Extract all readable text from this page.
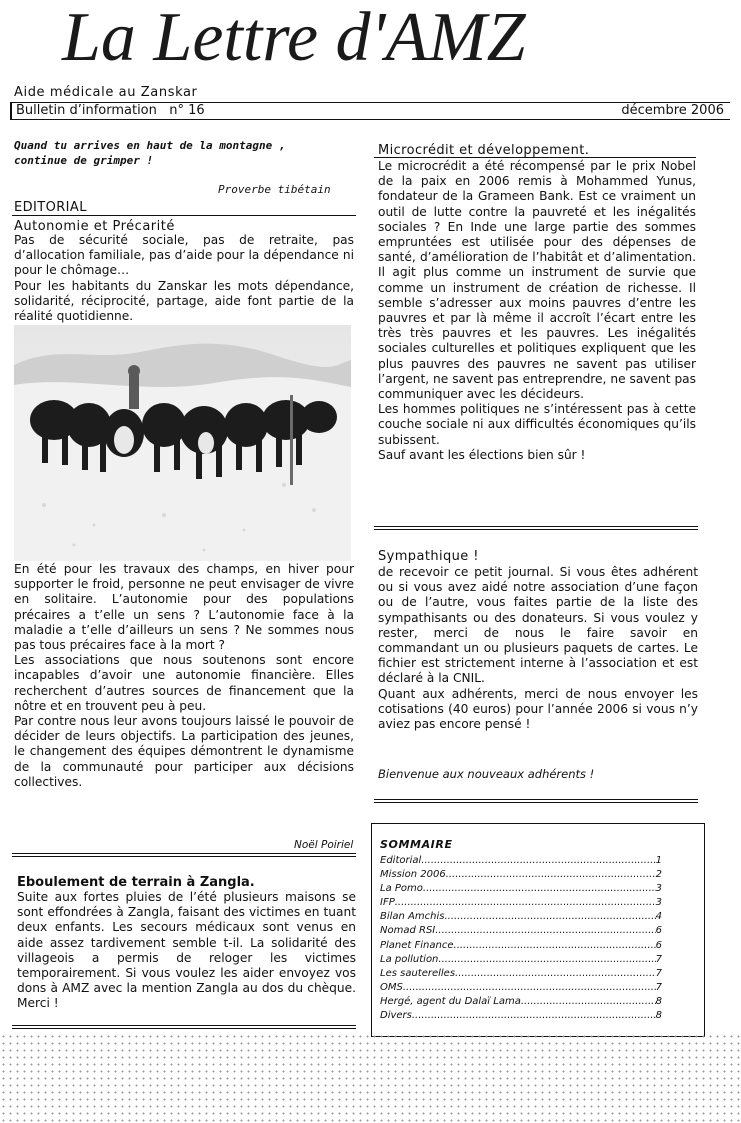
La Lettre d'AMZ
Aide médicale au Zanskar
Bulletin d’information   n° 16	décembre 2006
Quand tu arrives en haut de la montagne , continue de grimper !
Proverbe tibétain
EDITORIAL
Autonomie et Précarité

Pas de sécurité sociale, pas de retraite, pas d’allocation familiale, pas d’aide pour la dépendance ni pour le chômage…

Pour les habitants du Zanskar les mots dépendance, solidarité, réciprocité, partage, aide font partie de la réalité quotidienne.

En été pour les travaux des champs, en hiver pour supporter le froid, personne ne peut envisager de vivre en solitaire. L’autonomie pour des populations précaires a t’elle un sens ? L’autonomie face à la maladie a t’elle d’ailleurs un sens ? Ne sommes nous pas tous précaires face à la mort ?

Les associations que nous soutenons sont encore incapables d’avoir une autonomie financière. Elles recherchent d’autres sources de financement que la nôtre et en trouvent peu à peu.

Par contre nous leur avons toujours laissé le pouvoir de décider de leurs objectifs. La participation des jeunes, le changement des équipes démontrent le dynamisme de la communauté pour participer aux décisions collectives.

Noël Poiriel
Eboulement de terrain à Zangla.
Suite aux fortes pluies de l’été plusieurs maisons se sont effondrées à Zangla, faisant des victimes en tuant deux enfants. Les secours médicaux sont venus en aide assez tardivement semble t-il. La solidarité des villageois a permis de reloger les victimes temporairement. Si vous voulez les aider envoyez vos dons à AMZ avec la mention Zangla au dos du chèque. Merci !
Microcrédit et développement.

Le microcrédit a été récompensé par le prix Nobel de la paix en 2006 remis à Mohammed Yunus, fondateur de la Grameen Bank. Est ce vraiment un outil de lutte contre la pauvreté et les inégalités sociales ? En Inde une large partie des sommes empruntées est utilisée pour des dépenses de santé, d’amélioration de l’habitât et d’alimentation. Il agit plus comme un instrument de survie que comme un instrument de création de richesse. Il semble s’adresser aux moins pauvres d’entre les pauvres et par là même il accroît l’écart entre les très très pauvres et les pauvres. Les inégalités sociales culturelles et politiques expliquent que les plus pauvres des pauvres ne savent pas utiliser l’argent, ne savent pas entreprendre, ne savent pas communiquer avec les décideurs.

Les hommes politiques ne s’intéressent pas à cette couche sociale ni aux difficultés économiques qu’ils subissent.

Sauf avant les élections bien sûr !

Sympathique !

de recevoir ce petit journal. Si vous êtes adhérent ou si vous avez aidé notre association d’une façon ou de l’autre, vous faites partie de la liste des sympathisants ou des donateurs. Si vous voulez y rester, merci de nous le faire savoir en commandant un ou plusieurs paquets de cartes. Le fichier est strictement interne à l’association et est déclaré à la CNIL.

Quant aux adhérents, merci de nous envoyer les cotisations (40 euros) pour l’année 2006 si vous n’y aviez pas encore pensé !

Bienvenue aux nouveaux adhérents !
SOMMAIRE
Editorial .....	1
Mission 2006 .....	2
La Pomo .....	3
IFP .....	3
Bilan Amchis .....	4
Nomad RSI .....	6
Planet Finance .....	6
La pollution .....	7
Les sauterelles .....	7
OMS .....	7
Hergé, agent du Dalaï Lama .....	8
Divers .....	8
